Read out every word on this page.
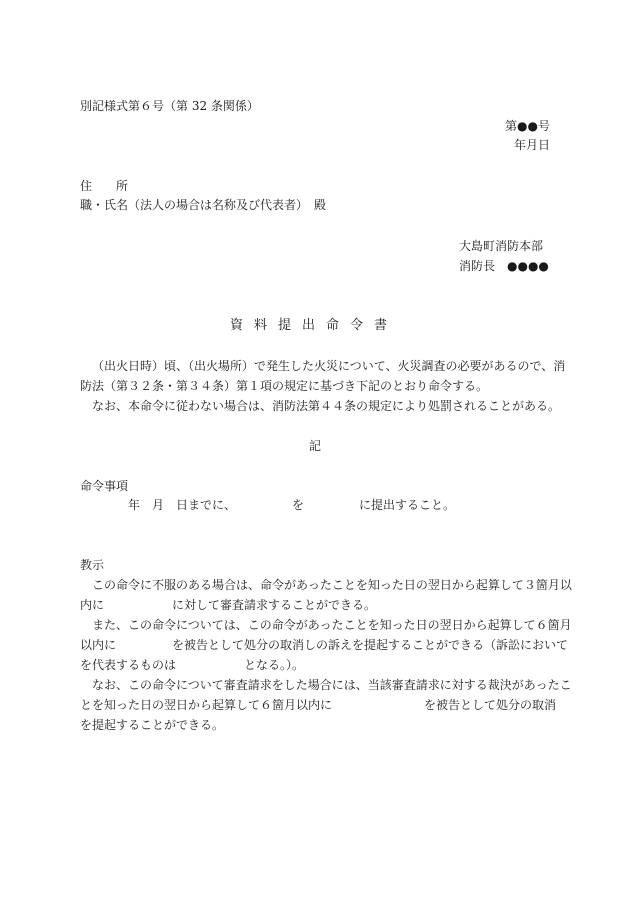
別記様式第６号（第 32 条関係）
第●●号
年月日
住　　所
職・氏名（法人の場合は名称及び代表者）　殿
大島町消防本部
消防長　●●●●
資料提出命令書
（出火日時）頃、（出火場所）で発生した火災について、火災調査の必要があるので、消
防法（第３２条・第３４条）第１項の規定に基づき下記のとおり命令する。
なお、本命令に従わない場合は、消防法第４４条の規定により処罰されることがある。
記
命令事項
年　月　日までに、	を	に提出すること。
教示
この命令に不服のある場合は、命令があったことを知った日の翌日から起算して３箇月以
内に	に対して審査請求することができる。
また、この命令については、この命令があったことを知った日の翌日から起算して６箇月
以内に	を被告として処分の取消しの訴えを提起することができる（訴訟において
を代表するものは	となる。）。
なお、この命令について審査請求をした場合には、当該審査請求に対する裁決があったこ
とを知った日の翌日から起算して６箇月以内に	を被告として処分の取消
を提起することができる。
